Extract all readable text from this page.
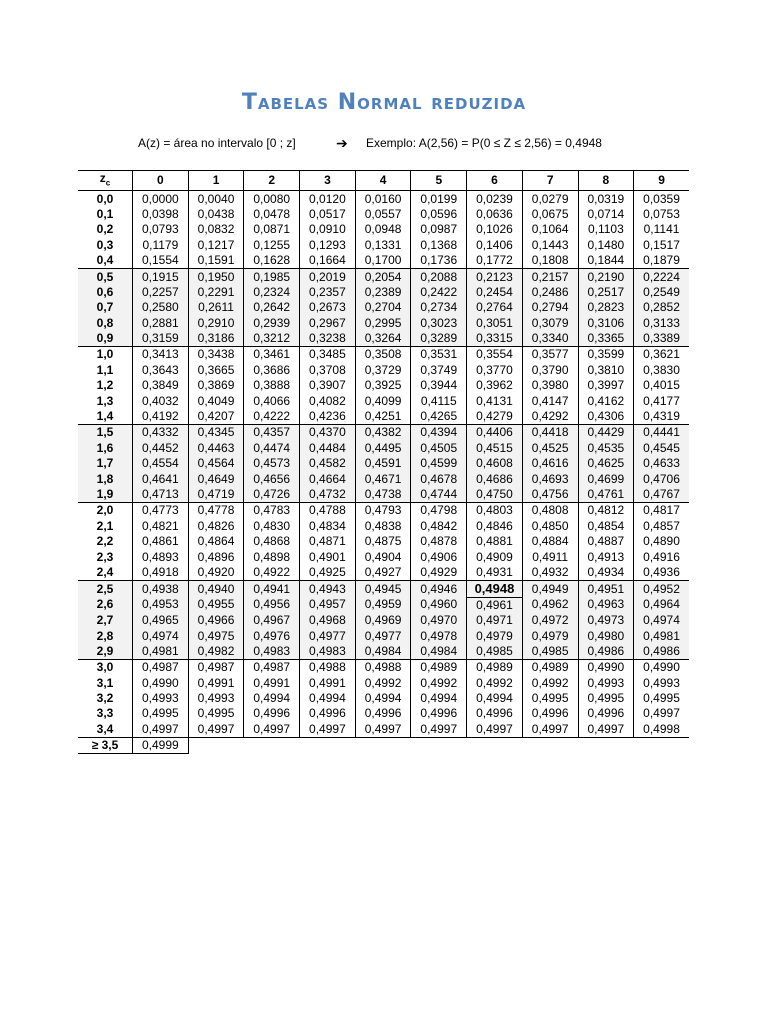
Tabelas Normal reduzida
A(z) = área no intervalo [0 ; z]	➔ Exemplo: A(2,56) = P(0 ≤ Z ≤ 2,56) = 0,4948
$z_c$	0	1	2	3	4	5	6	7	8	9
0,0	0,0000	0,0040	0,0080	0,0120	0,0160	0,0199	0,0239	0,0279	0,0319	0,0359
0,1	0,0398	0,0438	0,0478	0,0517	0,0557	0,0596	0,0636	0,0675	0,0714	0,0753
0,2	0,0793	0,0832	0,0871	0,0910	0,0948	0,0987	0,1026	0,1064	0,1103	0,1141
0,3	0,1179	0,1217	0,1255	0,1293	0,1331	0,1368	0,1406	0,1443	0,1480	0,1517
0,4	0,1554	0,1591	0,1628	0,1664	0,1700	0,1736	0,1772	0,1808	0,1844	0,1879
0,5	0,1915	0,1950	0,1985	0,2019	0,2054	0,2088	0,2123	0,2157	0,2190	0,2224
0,6	0,2257	0,2291	0,2324	0,2357	0,2389	0,2422	0,2454	0,2486	0,2517	0,2549
0,7	0,2580	0,2611	0,2642	0,2673	0,2704	0,2734	0,2764	0,2794	0,2823	0,2852
0,8	0,2881	0,2910	0,2939	0,2967	0,2995	0,3023	0,3051	0,3079	0,3106	0,3133
0,9	0,3159	0,3186	0,3212	0,3238	0,3264	0,3289	0,3315	0,3340	0,3365	0,3389
1,0	0,3413	0,3438	0,3461	0,3485	0,3508	0,3531	0,3554	0,3577	0,3599	0,3621
1,1	0,3643	0,3665	0,3686	0,3708	0,3729	0,3749	0,3770	0,3790	0,3810	0,3830
1,2	0,3849	0,3869	0,3888	0,3907	0,3925	0,3944	0,3962	0,3980	0,3997	0,4015
1,3	0,4032	0,4049	0,4066	0,4082	0,4099	0,4115	0,4131	0,4147	0,4162	0,4177
1,4	0,4192	0,4207	0,4222	0,4236	0,4251	0,4265	0,4279	0,4292	0,4306	0,4319
1,5	0,4332	0,4345	0,4357	0,4370	0,4382	0,4394	0,4406	0,4418	0,4429	0,4441
1,6	0,4452	0,4463	0,4474	0,4484	0,4495	0,4505	0,4515	0,4525	0,4535	0,4545
1,7	0,4554	0,4564	0,4573	0,4582	0,4591	0,4599	0,4608	0,4616	0,4625	0,4633
1,8	0,4641	0,4649	0,4656	0,4664	0,4671	0,4678	0,4686	0,4693	0,4699	0,4706
1,9	0,4713	0,4719	0,4726	0,4732	0,4738	0,4744	0,4750	0,4756	0,4761	0,4767
2,0	0,4773	0,4778	0,4783	0,4788	0,4793	0,4798	0,4803	0,4808	0,4812	0,4817
2,1	0,4821	0,4826	0,4830	0,4834	0,4838	0,4842	0,4846	0,4850	0,4854	0,4857
2,2	0,4861	0,4864	0,4868	0,4871	0,4875	0,4878	0,4881	0,4884	0,4887	0,4890
2,3	0,4893	0,4896	0,4898	0,4901	0,4904	0,4906	0,4909	0,4911	0,4913	0,4916
2,4	0,4918	0,4920	0,4922	0,4925	0,4927	0,4929	0,4931	0,4932	0,4934	0,4936
2,5	0,4938	0,4940	0,4941	0,4943	0,4945	0,4946	0,4948	0,4949	0,4951	0,4952
2,6	0,4953	0,4955	0,4956	0,4957	0,4959	0,4960	0,4961	0,4962	0,4963	0,4964
2,7	0,4965	0,4966	0,4967	0,4968	0,4969	0,4970	0,4971	0,4972	0,4973	0,4974
2,8	0,4974	0,4975	0,4976	0,4977	0,4977	0,4978	0,4979	0,4979	0,4980	0,4981
2,9	0,4981	0,4982	0,4983	0,4983	0,4984	0,4984	0,4985	0,4985	0,4986	0,4986
3,0	0,4987	0,4987	0,4987	0,4988	0,4988	0,4989	0,4989	0,4989	0,4990	0,4990
3,1	0,4990	0,4991	0,4991	0,4991	0,4992	0,4992	0,4992	0,4992	0,4993	0,4993
3,2	0,4993	0,4993	0,4994	0,4994	0,4994	0,4994	0,4994	0,4995	0,4995	0,4995
3,3	0,4995	0,4995	0,4996	0,4996	0,4996	0,4996	0,4996	0,4996	0,4996	0,4997
3,4	0,4997	0,4997	0,4997	0,4997	0,4997	0,4997	0,4997	0,4997	0,4997	0,4998
≥ 3,5	0,4999									
